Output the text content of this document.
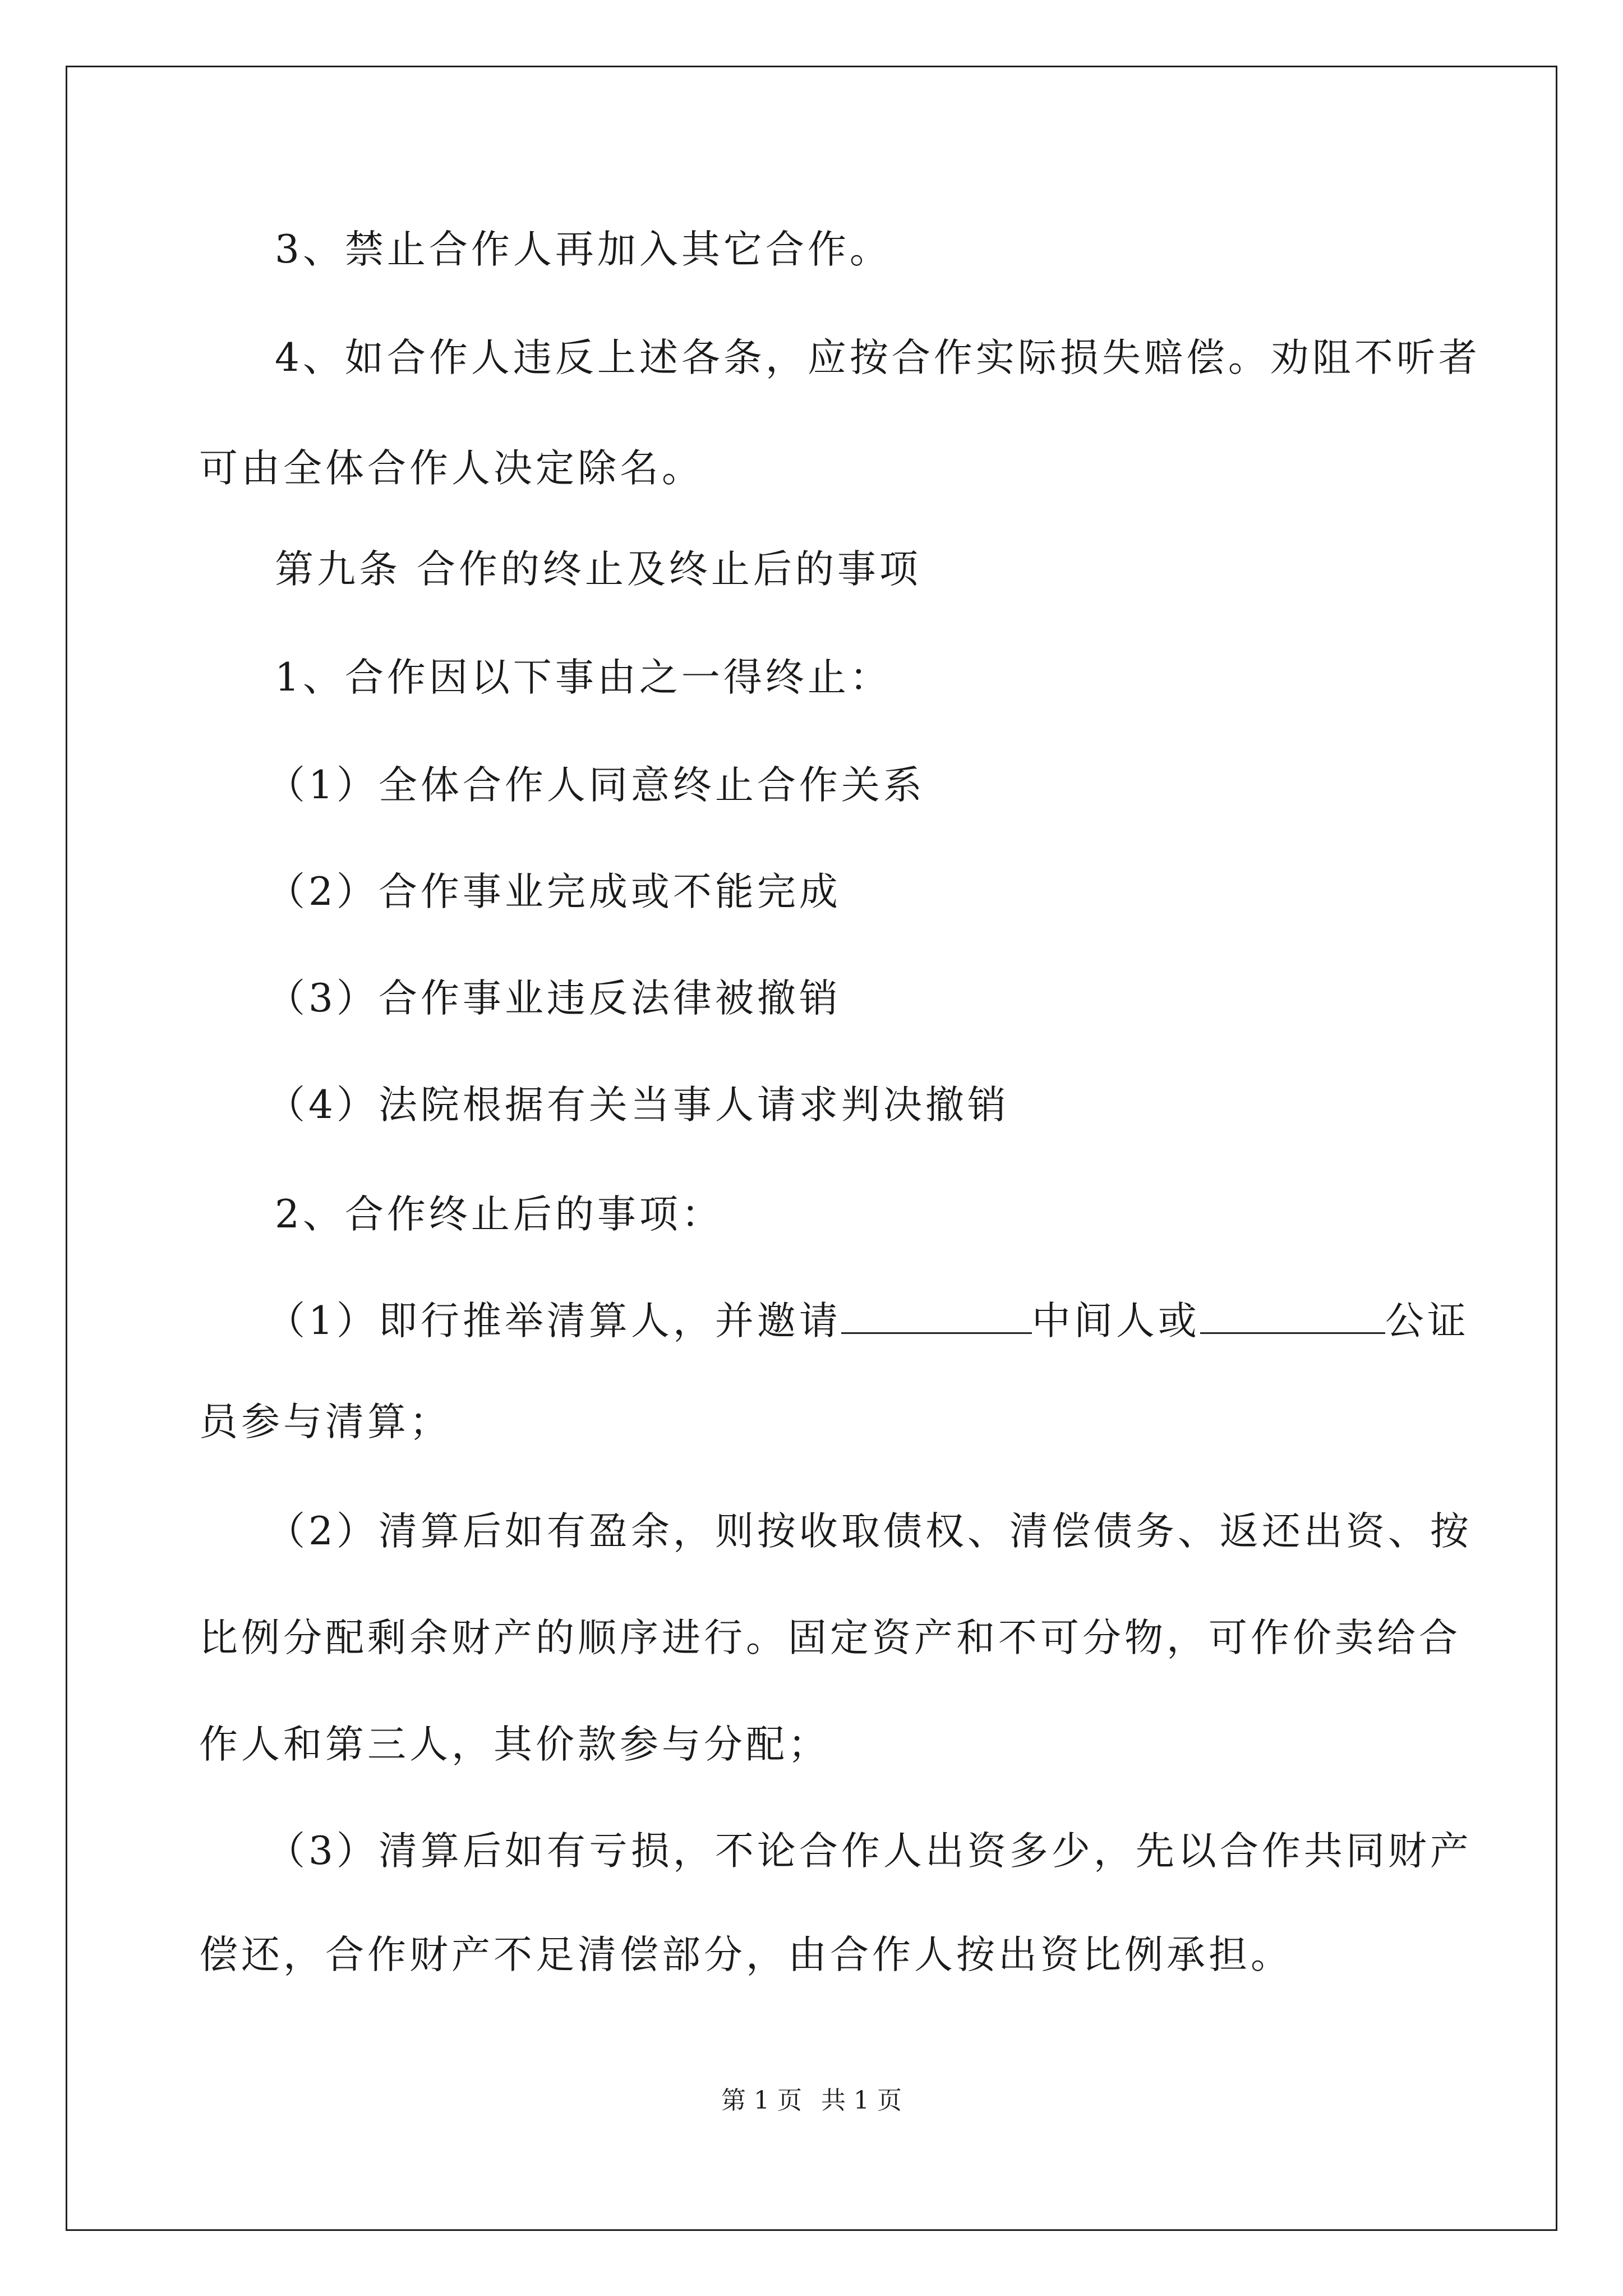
3、禁止合作人再加入其它合作。
4、如合作人违反上述各条，应按合作实际损失赔偿。劝阻不听者
可由全体合作人决定除名。
第九条 合作的终止及终止后的事项
1、合作因以下事由之一得终止：
（1）全体合作人同意终止合作关系
（2）合作事业完成或不能完成
（3）合作事业违反法律被撤销
（4）法院根据有关当事人请求判决撤销
2、合作终止后的事项：
（1）即行推举清算人，并邀请	中间人或	公证
员参与清算；
（2）清算后如有盈余，则按收取债权、清偿债务、返还出资、按
比例分配剩余财产的顺序进行。固定资产和不可分物，可作价卖给合
作人和第三人，其价款参与分配；
（3）清算后如有亏损，不论合作人出资多少，先以合作共同财产
偿还，合作财产不足清偿部分，由合作人按出资比例承担。
第 1 页 共 1 页
